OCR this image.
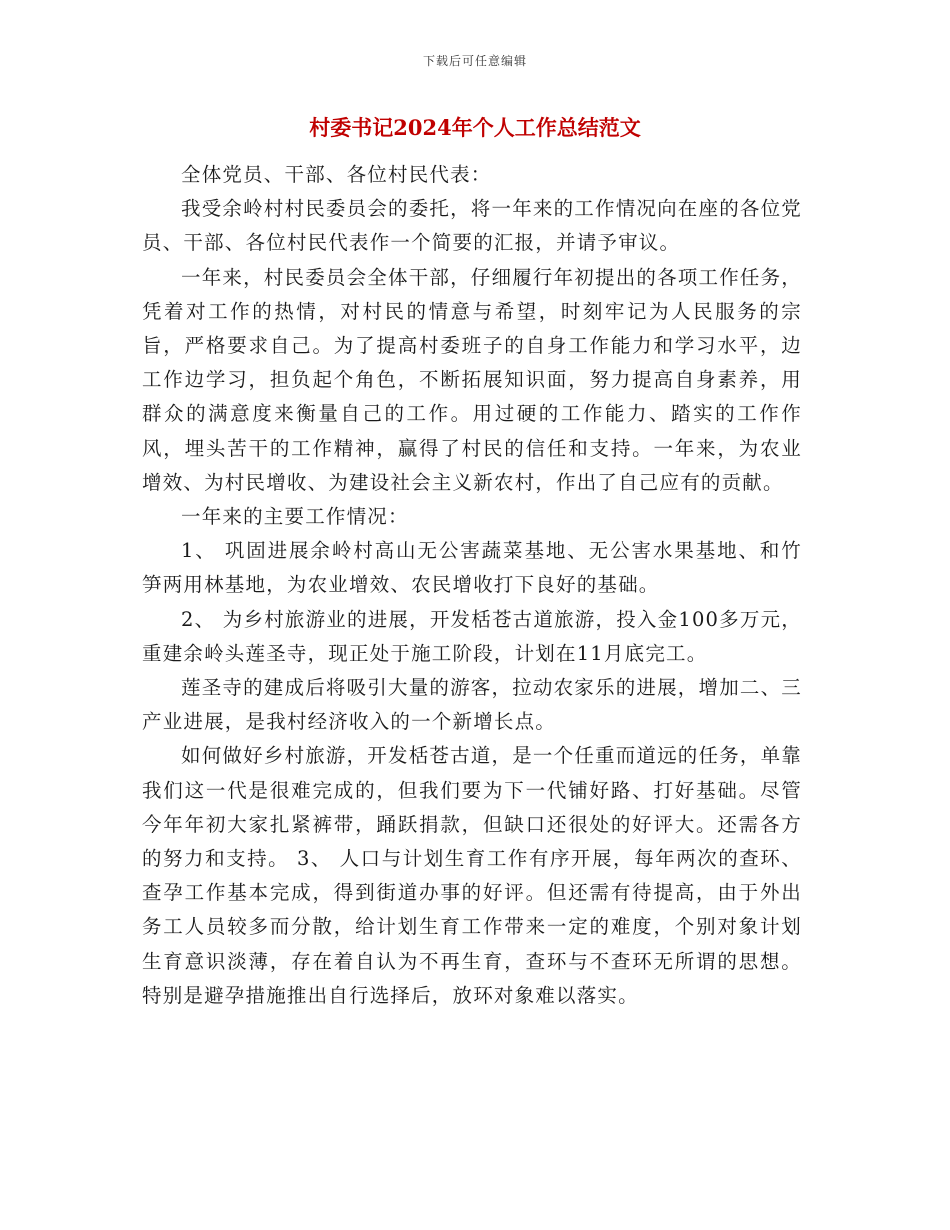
下载后可任意编辑
村委书记2024年个人工作总结范文

全体党员、干部、各位村民代表：

我受余岭村村民委员会的委托，将一年来的工作情况向在座的各位党员、干部、各位村民代表作一个简要的汇报，并请予审议。

一年来，村民委员会全体干部，仔细履行年初提出的各项工作任务，凭着对工作的热情，对村民的情意与希望，时刻牢记为人民服务的宗旨，严格要求自己。为了提高村委班子的自身工作能力和学习水平，边工作边学习，担负起个角色，不断拓展知识面，努力提高自身素养，用群众的满意度来衡量自己的工作。用过硬的工作能力、踏实的工作作风，埋头苦干的工作精神，赢得了村民的信任和支持。一年来，为农业增效、为村民增收、为建设社会主义新农村，作出了自己应有的贡献。

一年来的主要工作情况：

1、 巩固进展余岭村高山无公害蔬菜基地、无公害水果基地、和竹笋两用林基地，为农业增效、农民增收打下良好的基础。

2、 为乡村旅游业的进展，开发栝苍古道旅游，投入金100多万元，重建余岭头莲圣寺，现正处于施工阶段，计划在11月底完工。

莲圣寺的建成后将吸引大量的游客，拉动农家乐的进展，增加二、三产业进展，是我村经济收入的一个新增长点。

如何做好乡村旅游，开发栝苍古道，是一个任重而道远的任务，单靠我们这一代是很难完成的，但我们要为下一代铺好路、打好基础。尽管今年年初大家扎紧裤带，踊跃捐款，但缺口还很处的好评大。还需各方的努力和支持。 3、 人口与计划生育工作有序开展，每年两次的查环、查孕工作基本完成，得到街道办事的好评。但还需有待提高，由于外出务工人员较多而分散，给计划生育工作带来一定的难度，个别对象计划生育意识淡薄，存在着自认为不再生育，查环与不查环无所谓的思想。特别是避孕措施推出自行选择后，放环对象难以落实。
